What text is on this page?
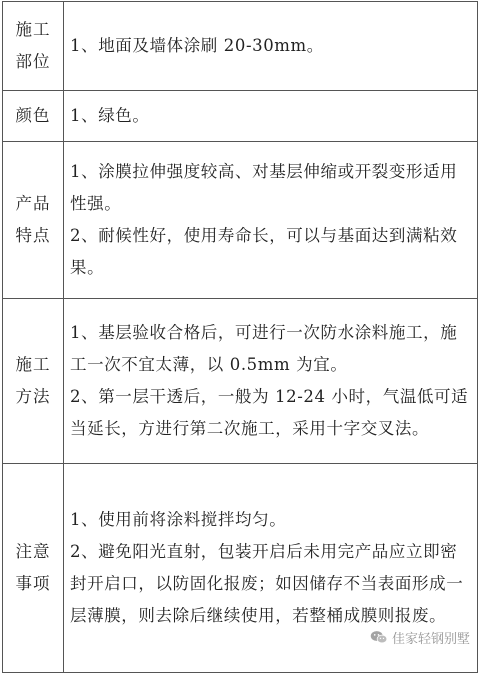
施工部位	1、地面及墙体涂刷 20-30mm。

颜色	1、绿色。

产品特点	1、涂膜拉伸强度较高、对基层伸缩或开裂变形适用性强。
2、耐候性好，使用寿命长，可以与基面达到满粘效果。

施工方法	1、基层验收合格后，可进行一次防水涂料施工，施工一次不宜太薄，以 0.5mm 为宜。
2、第一层干透后，一般为 12-24 小时，气温低可适当延长，方进行第二次施工，采用十字交叉法。

注意事项	1、使用前将涂料搅拌均匀。
2、避免阳光直射，包装开启后未用完产品应立即密封开启口，以防固化报废；如因储存不当表面形成一层薄膜，则去除后继续使用，若整桶成膜则报废。
佳家轻钢别墅
